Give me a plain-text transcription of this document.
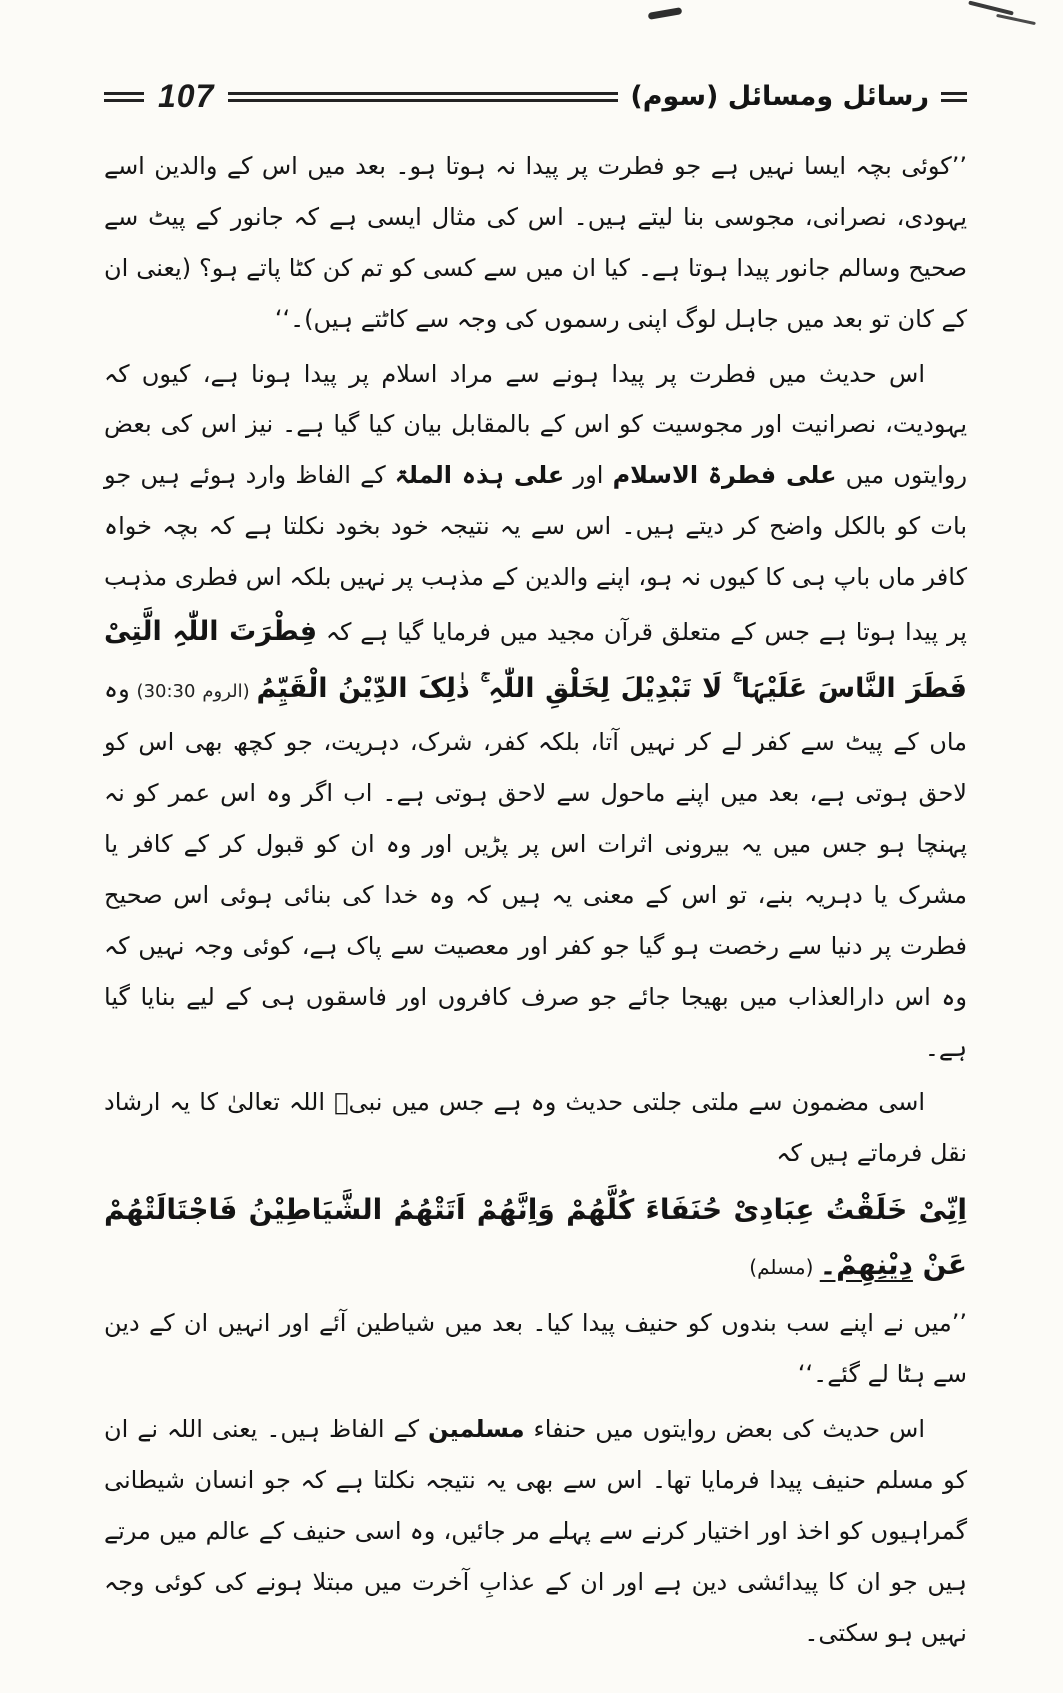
107	رسائل ومسائل (سوم)

’’کوئی بچہ ایسا نہیں ہے جو فطرت پر پیدا نہ ہوتا ہو۔ بعد میں اس کے والدین اسے یہودی، نصرانی، مجوسی بنا لیتے ہیں۔ اس کی مثال ایسی ہے کہ جانور کے پیٹ سے صحیح وسالم جانور پیدا ہوتا ہے۔ کیا ان میں سے کسی کو تم کن کٹا پاتے ہو؟ (یعنی ان کے کان تو بعد میں جاہل لوگ اپنی رسموں کی وجہ سے کاٹتے ہیں)۔‘‘

اس حدیث میں فطرت پر پیدا ہونے سے مراد اسلام پر پیدا ہونا ہے، کیوں کہ یہودیت، نصرانیت اور مجوسیت کو اس کے بالمقابل بیان کیا گیا ہے۔ نیز اس کی بعض روایتوں میں علی فطرۃ الاسلام اور علی ہذہ الملۃ کے الفاظ وارد ہوئے ہیں جو بات کو بالکل واضح کر دیتے ہیں۔ اس سے یہ نتیجہ خود بخود نکلتا ہے کہ بچہ خواہ کافر ماں باپ ہی کا کیوں نہ ہو، اپنے والدین کے مذہب پر نہیں بلکہ اس فطری مذہب پر پیدا ہوتا ہے جس کے متعلق قرآن مجید میں فرمایا گیا ہے کہ فِطْرَتَ اللّٰہِ الَّتِیْ فَطَرَ النَّاسَ عَلَیْہَا ۚ لَا تَبْدِیْلَ لِخَلْقِ اللّٰہِ ۚ ذٰلِکَ الدِّیْنُ الْقَیِّمُ (الروم 30:30) وہ ماں کے پیٹ سے کفر لے کر نہیں آتا، بلکہ کفر، شرک، دہریت، جو کچھ بھی اس کو لاحق ہوتی ہے، بعد میں اپنے ماحول سے لاحق ہوتی ہے۔ اب اگر وہ اس عمر کو نہ پہنچا ہو جس میں یہ بیرونی اثرات اس پر پڑیں اور وہ ان کو قبول کر کے کافر یا مشرک یا دہریہ بنے، تو اس کے معنی یہ ہیں کہ وہ خدا کی بنائی ہوئی اس صحیح فطرت پر دنیا سے رخصت ہو گیا جو کفر اور معصیت سے پاک ہے، کوئی وجہ نہیں کہ وہ اس دارالعذاب میں بھیجا جائے جو صرف کافروں اور فاسقوں ہی کے لیے بنایا گیا ہے۔

اسی مضمون سے ملتی جلتی حدیث وہ ہے جس میں نبیؐ اللہ تعالیٰ کا یہ ارشاد نقل فرماتے ہیں کہ

اِنِّیْ خَلَقْتُ عِبَادِیْ حُنَفَاءَ کُلَّھُمْ وَاِنَّھُمْ اَتَتْھُمُ الشَّیَاطِیْنُ فَاجْتَالَتْھُمْ عَنْ دِیْنِھِمْ۔ (مسلم)

’’میں نے اپنے سب بندوں کو حنیف پیدا کیا۔ بعد میں شیاطین آئے اور انہیں ان کے دین سے ہٹا لے گئے۔‘‘

اس حدیث کی بعض روایتوں میں حنفاء مسلمین کے الفاظ ہیں۔ یعنی اللہ نے ان کو مسلم حنیف پیدا فرمایا تھا۔ اس سے بھی یہ نتیجہ نکلتا ہے کہ جو انسان شیطانی گمراہیوں کو اخذ اور اختیار کرنے سے پہلے مر جائیں، وہ اسی حنیف کے عالم میں مرتے ہیں جو ان کا پیدائشی دین ہے اور ان کے عذابِ آخرت میں مبتلا ہونے کی کوئی وجہ نہیں ہو سکتی۔
